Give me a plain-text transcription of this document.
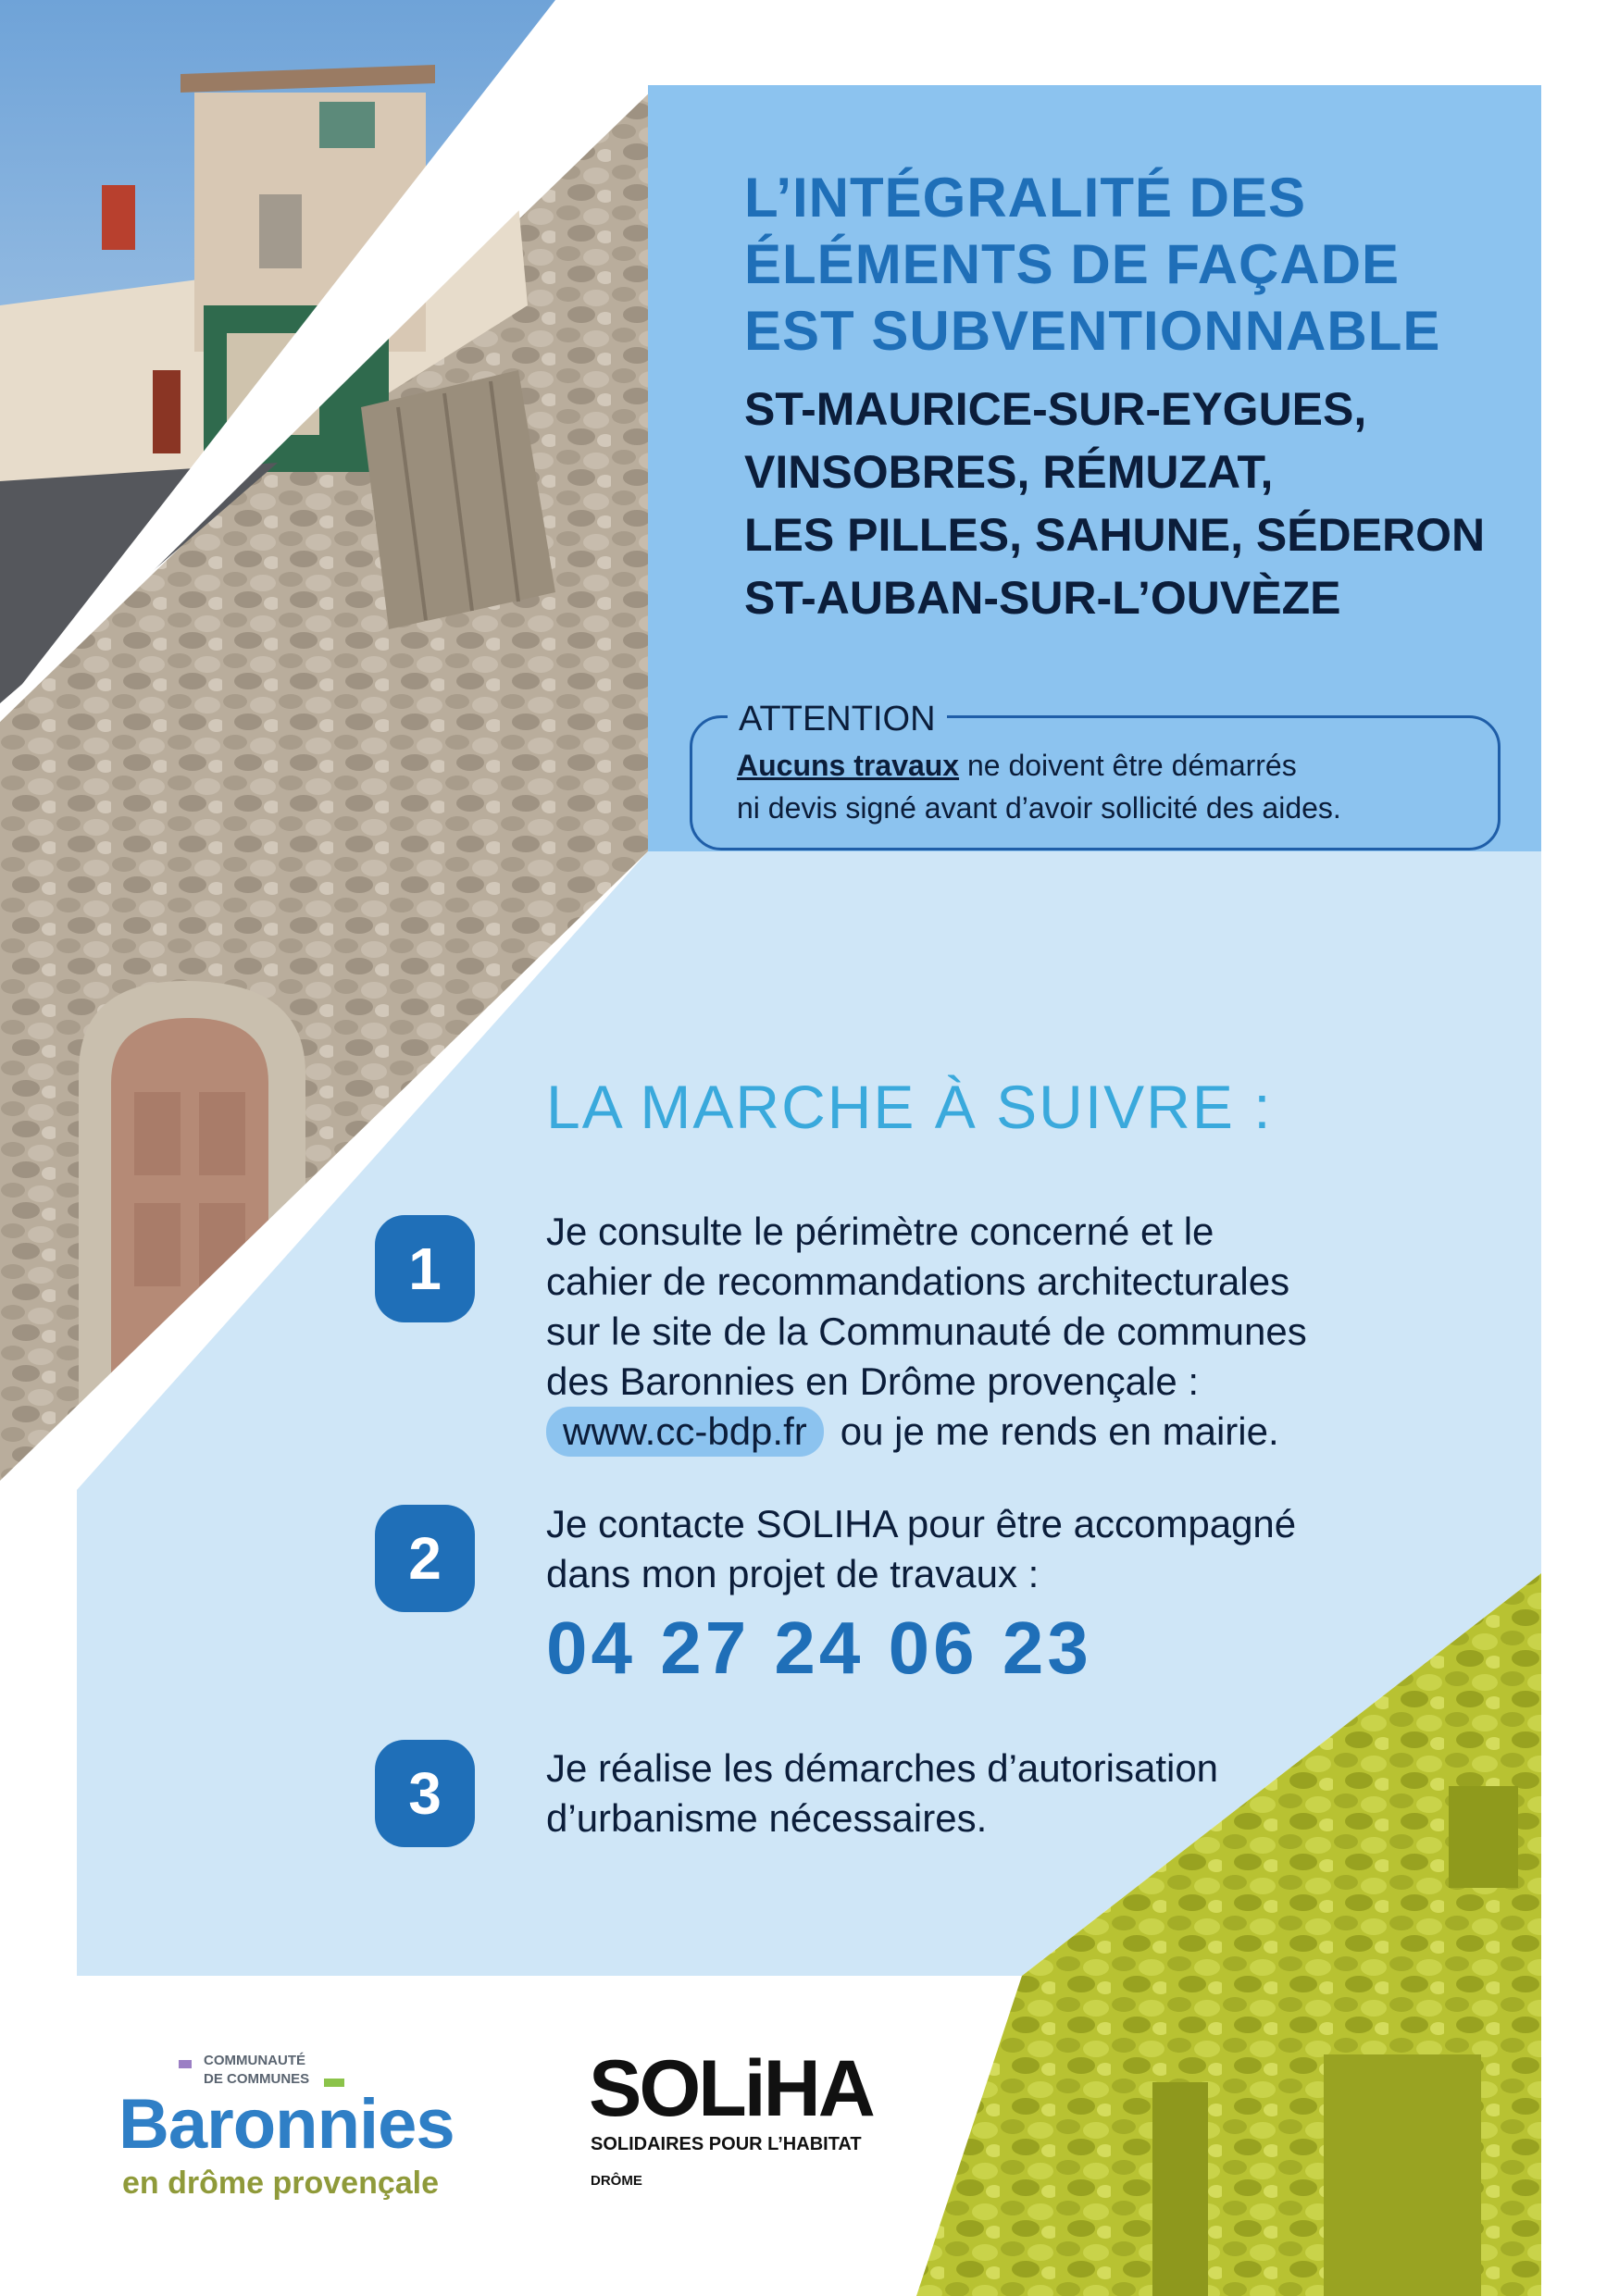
L’INTÉGRALITÉ DES
ÉLÉMENTS DE FAÇADE
EST SUBVENTIONNABLE
ST-MAURICE-SUR-EYGUES,
VINSOBRES, RÉMUZAT,
LES PILLES, SAHUNE, SÉDERON
ST-AUBAN-SUR-L’OUVÈZE
ATTENTION
Aucuns travaux ne doivent être démarrés
ni devis signé avant d’avoir sollicité des aides.
LA MARCHE À SUIVRE :
1
Je consulte le périmètre concerné et le
cahier de recommandations architecturales
sur le site de la Communauté de communes
des Baronnies en Drôme provençale :
www.cc-bdp.fr ou je me rends en mairie.
2
Je contacte SOLIHA pour être accompagné
dans mon projet de travaux :
04 27 24 06 23
3	Je réalise les démarches d’autorisation
d’urbanisme nécessaires.
COMMUNAUTÉ
DE COMMUNES
Baronnies
en drôme provençale
SOLiHA
SOLIDAIRES POUR L’HABITAT
DRÔME
